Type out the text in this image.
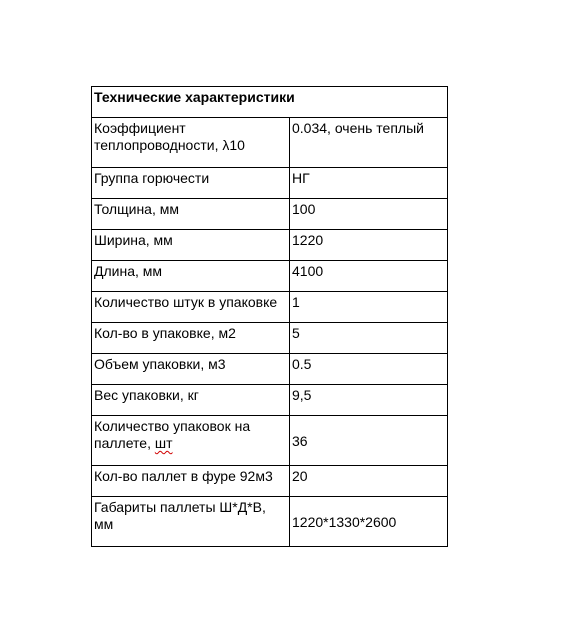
Технические характеристики	
Коэффициент теплопроводности, λ10	0.034, очень теплый
Группа горючести	НГ
Толщина, мм	100
Ширина, мм	1220
Длина, мм	4100
Количество штук в упаковке	1
Кол-во в упаковке, м2	5
Объем упаковки, м3	0.5
Вес упаковки, кг	9,5
Количество упаковок на паллете, шт	36
Кол-во паллет в фуре 92м3	20
Габариты паллеты Ш*Д*В, мм	1220*1330*2600
